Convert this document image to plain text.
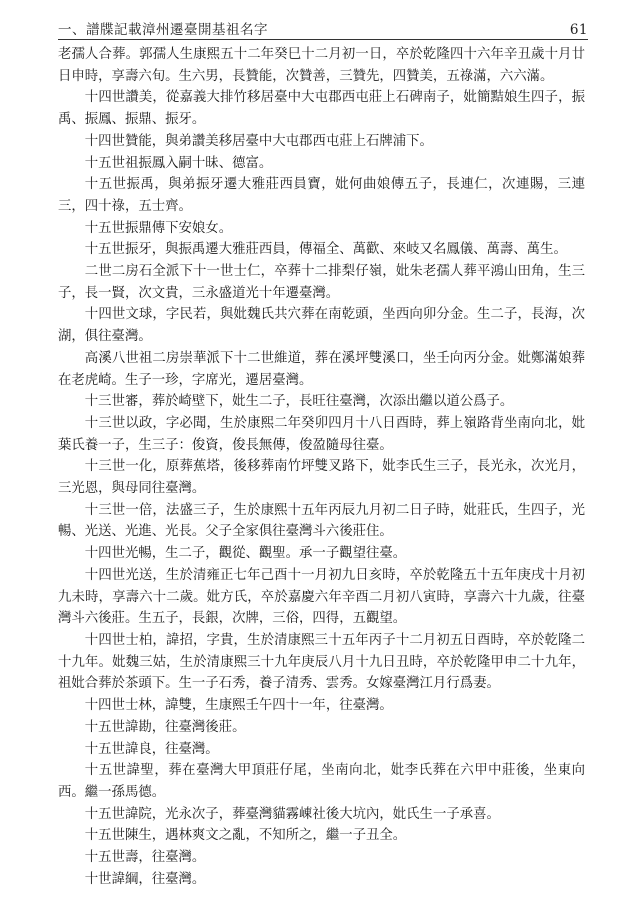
一、譜牒記載漳州遷臺開基祖名字	61

老孺人合葬。郭孺人生康熙五十二年癸巳十二月初一日，卒於乾隆四十六年辛丑歲十月廿日申時，享壽六旬。生六男，長贊能，次贊善，三贊先，四贊美，五祿滿，六六滿。

十四世讚美，從嘉義大排竹移居臺中大屯郡西屯莊上石碑南子，妣簡黠娘生四子，振禹、振鳳、振鼎、振牙。

十四世贊能，與弟讚美移居臺中大屯郡西屯莊上石牌浦下。

十五世祖振鳳入嗣十昧、德富。

十五世振禹，與弟振牙遷大雅莊西員寶，妣何曲娘傳五子，長連仁，次連賜，三連三，四十祿，五士齊。

十五世振鼎傳下安娘女。

十五世振牙，與振禹遷大雅莊西員，傳福全、萬歡、來岐又名鳳儀、萬壽、萬生。

二世二房石全派下十一世士仁，卒葬十二排梨仔嶺，妣朱老孺人葬平鴻山田角，生三子，長一賢，次文貴，三永盛道光十年遷臺灣。

十四世文球，字民若，與妣魏氏共穴葬在南乾頭，坐西向卯分金。生二子，長海，次湖，俱往臺灣。

高溪八世祖二房崇華派下十二世維道，葬在溪坪雙溪口，坐壬向丙分金。妣鄭滿娘葬在老虎崎。生子一珍，字席光，遷居臺灣。

十三世審，葬於崎壁下，妣生二子，長旺往臺灣，次添出繼以道公爲子。

十三世以政，字必聞，生於康熙二年癸卯四月十八日酉時，葬上嶺路背坐南向北，妣葉氏養一子，生三子：俊資，俊長無傳，俊盈隨母往臺。

十三世一化，原葬蕉塔，後移葬南竹坪雙叉路下，妣李氏生三子，長光永，次光月，三光恩，與母同往臺灣。

十三世一倍，法盛三子，生於康熙十五年丙辰九月初二日子時，妣莊氏，生四子，光暢、光送、光進、光長。父子全家俱往臺灣斗六後莊住。

十四世光暢，生二子，觀從、觀聖。承一子觀望往臺。

十四世光送，生於清雍正七年己酉十一月初九日亥時，卒於乾隆五十五年庚戌十月初九未時，享壽六十二歲。妣方氏，卒於嘉慶六年辛酉二月初八寅時，享壽六十九歲，往臺灣斗六後莊。生五子，長銀，次牌，三俗，四得，五觀望。

十四世士柏，諱招，字貴，生於清康熙三十五年丙子十二月初五日酉時，卒於乾隆二十九年。妣魏三姑，生於清康熙三十九年庚辰八月十九日丑時，卒於乾隆甲申二十九年，祖妣合葬於茶頭下。生一子石秀，養子清秀、雲秀。女嫁臺灣江月行爲妻。

十四世士林，諱雙，生康熙壬午四十一年，往臺灣。

十五世諱勘，往臺灣後莊。

十五世諱良，往臺灣。

十五世諱聖，葬在臺灣大甲頂莊仔尾，坐南向北，妣李氏葬在六甲中莊後，坐東向西。繼一孫馬德。

十五世諱院，光永次子，葬臺灣貓霧崠社後大坑內，妣氏生一子承喜。

十五世陳生，遇林爽文之亂，不知所之，繼一子丑全。

十五世壽，往臺灣。

十世諱綱，往臺灣。
